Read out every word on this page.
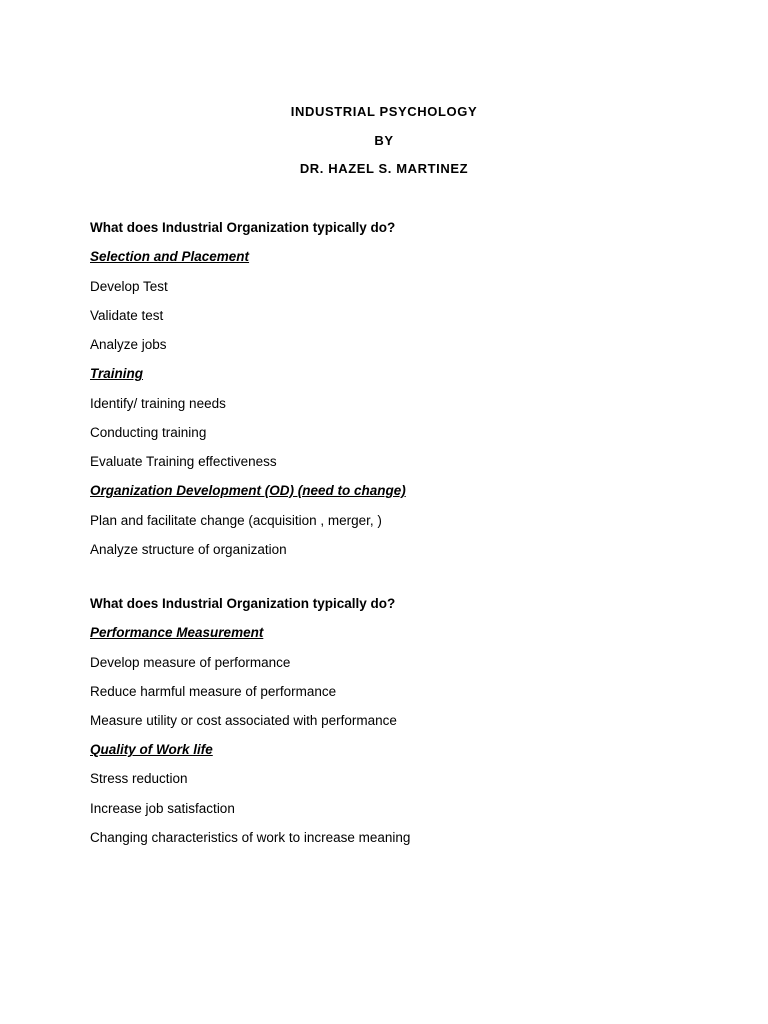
INDUSTRIAL PSYCHOLOGY
BY
DR. HAZEL S. MARTINEZ
What does Industrial Organization typically do?
Selection and Placement
Develop Test
Validate test
Analyze jobs
Training
Identify/ training needs
Conducting training
Evaluate Training effectiveness
Organization Development (OD) (need to change)
Plan and facilitate change (acquisition , merger, )
Analyze structure of organization
What does Industrial Organization typically do?
Performance Measurement
Develop measure of performance
Reduce harmful measure of performance
Measure utility or cost associated with performance
Quality of Work life
Stress reduction
Increase job satisfaction
Changing characteristics of work to increase meaning
